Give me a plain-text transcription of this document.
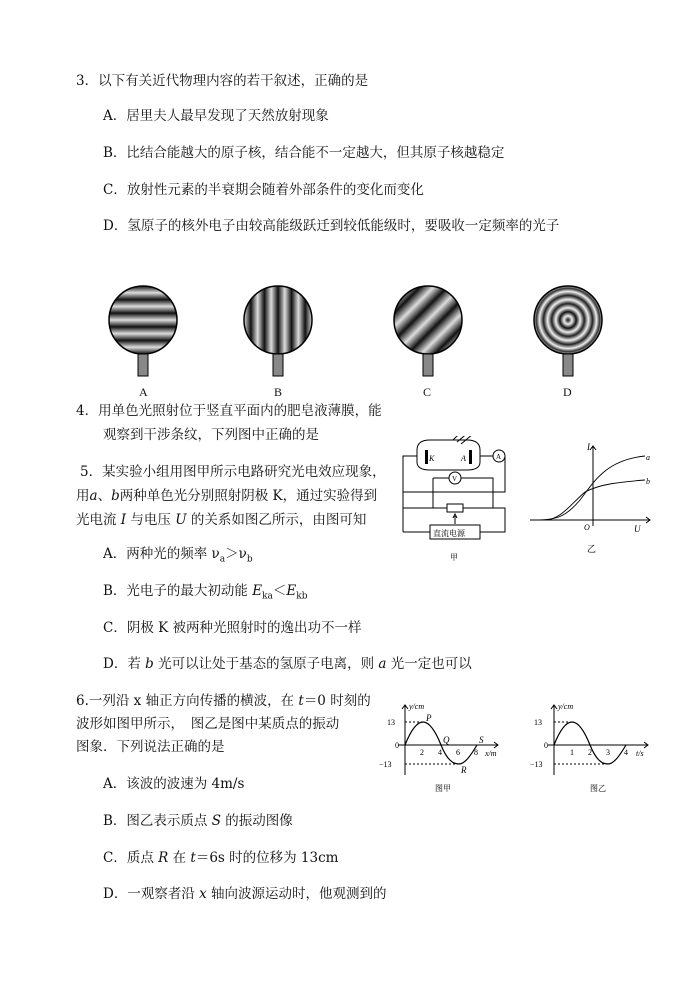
3．以下有关近代物理内容的若干叙述，正确的是
A．居里夫人最早发现了天然放射现象
B．比结合能越大的原子核，结合能不一定越大，但其原子核越稳定
C．放射性元素的半衰期会随着外部条件的变化而变化
D．氢原子的核外电子由较高能级跃迁到较低能级时，要吸收一定频率的光子
A	B	C	D
4．用单色光照射位于竖直平面内的肥皂液薄膜，能
观察到干涉条纹，下列图中正确的是
5．某实验小组用图甲所示电路研究光电效应现象，
用a、b两种单色光分别照射阴极 K，通过实验得到
光电流 I 与电压 U 的关系如图乙所示，由图可知
A．两种光的频率 $\nu_a>\nu_b$
B．光电子的最大初动能 $E_{ka}<E_{kb}$
C．阴极 K 被两种光照射时的逸出功不一样
D．若 b 光可以让处于基态的氢原子电离，则 a 光一定也可以
K	A	A
V
直流电源
甲
I
U
O
a
b
乙
6.一列沿 x 轴正方向传播的横波，在 t＝0 时刻的
波形如图甲所示，　图乙是图中某质点的振动
图象．下列说法正确的是
A．该波的波速为 4m/s
B．图乙表示质点 S 的振动图像
C．质点 R 在 t＝6s 时的位移为 13cm
D．一观察者沿 x 轴向波源运动时，他观测到的
y/cm
x/m
13
−13
0
2 4 6 8
P
Q
R
S
图甲
y/cm
t/s
13
−13
0
1 2 3 4
图乙
